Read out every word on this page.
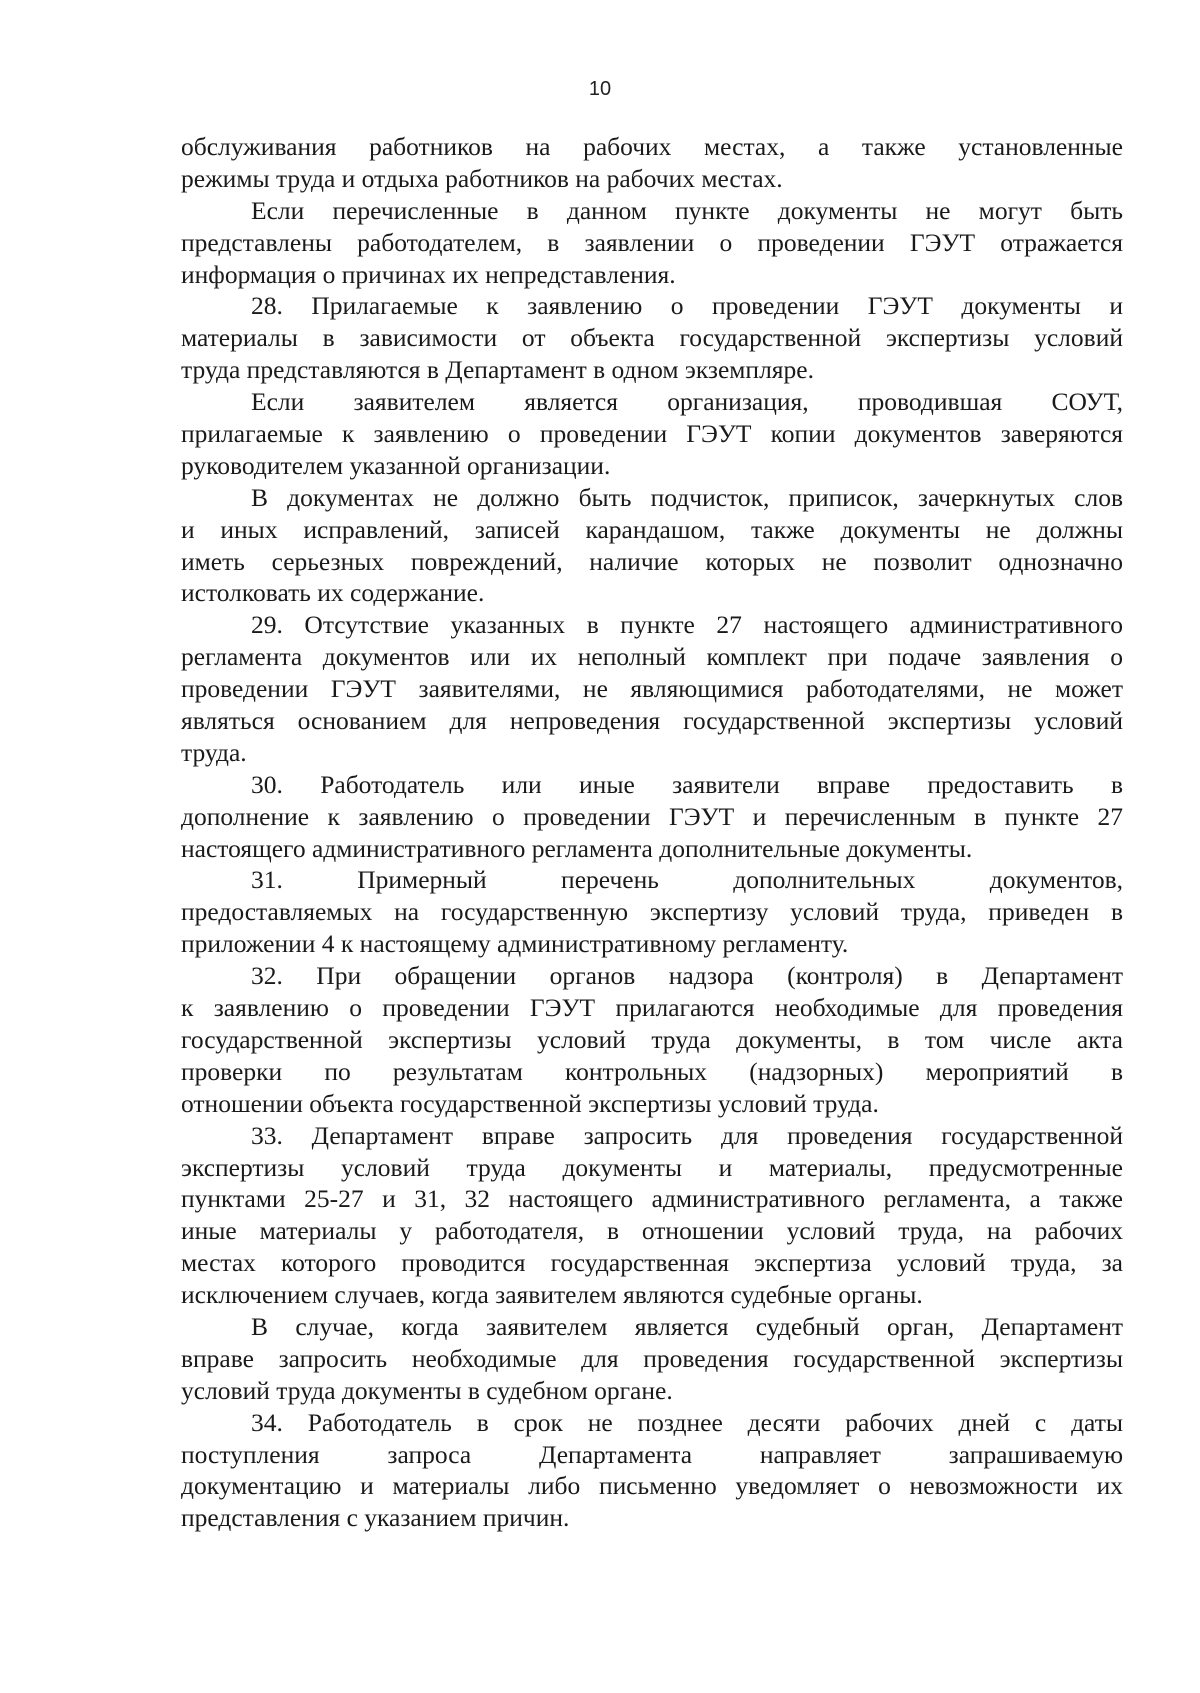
10
обслуживания работников на рабочих местах, а также установленные
режимы труда и отдыха работников на рабочих местах.
Если перечисленные в данном пункте документы не могут быть
представлены работодателем, в заявлении о проведении ГЭУТ отражается
информация о причинах их непредставления.
28. Прилагаемые к заявлению о проведении ГЭУТ документы и
материалы в зависимости от объекта государственной экспертизы условий
труда представляются в Департамент в одном экземпляре.
Если заявителем является организация, проводившая СОУТ,
прилагаемые к заявлению о проведении ГЭУТ копии документов заверяются
руководителем указанной организации.
В документах не должно быть подчисток, приписок, зачеркнутых слов
и иных исправлений, записей карандашом, также документы не должны
иметь серьезных повреждений, наличие которых не позволит однозначно
истолковать их содержание.
29. Отсутствие указанных в пункте 27 настоящего административного
регламента документов или их неполный комплект при подаче заявления о
проведении ГЭУТ заявителями, не являющимися работодателями, не может
являться основанием для непроведения государственной экспертизы условий
труда.
30. Работодатель или иные заявители вправе предоставить в
дополнение к заявлению о проведении ГЭУТ и перечисленным в пункте 27
настоящего административного регламента дополнительные документы.
31. Примерный перечень дополнительных документов,
предоставляемых на государственную экспертизу условий труда, приведен в
приложении 4 к настоящему административному регламенту.
32. При обращении органов надзора (контроля) в Департамент
к заявлению о проведении ГЭУТ прилагаются необходимые для проведения
государственной экспертизы условий труда документы, в том числе акта
проверки по результатам контрольных (надзорных) мероприятий в
отношении объекта государственной экспертизы условий труда.
33. Департамент вправе запросить для проведения государственной
экспертизы условий труда документы и материалы, предусмотренные
пунктами 25-27 и 31, 32 настоящего административного регламента, а также
иные материалы у работодателя, в отношении условий труда, на рабочих
местах которого проводится государственная экспертиза условий труда, за
исключением случаев, когда заявителем являются судебные органы.
В случае, когда заявителем является судебный орган, Департамент
вправе запросить необходимые для проведения государственной экспертизы
условий труда документы в судебном органе.
34. Работодатель в срок не позднее десяти рабочих дней с даты
поступления запроса Департамента направляет запрашиваемую
документацию и материалы либо письменно уведомляет о невозможности их
представления с указанием причин.
